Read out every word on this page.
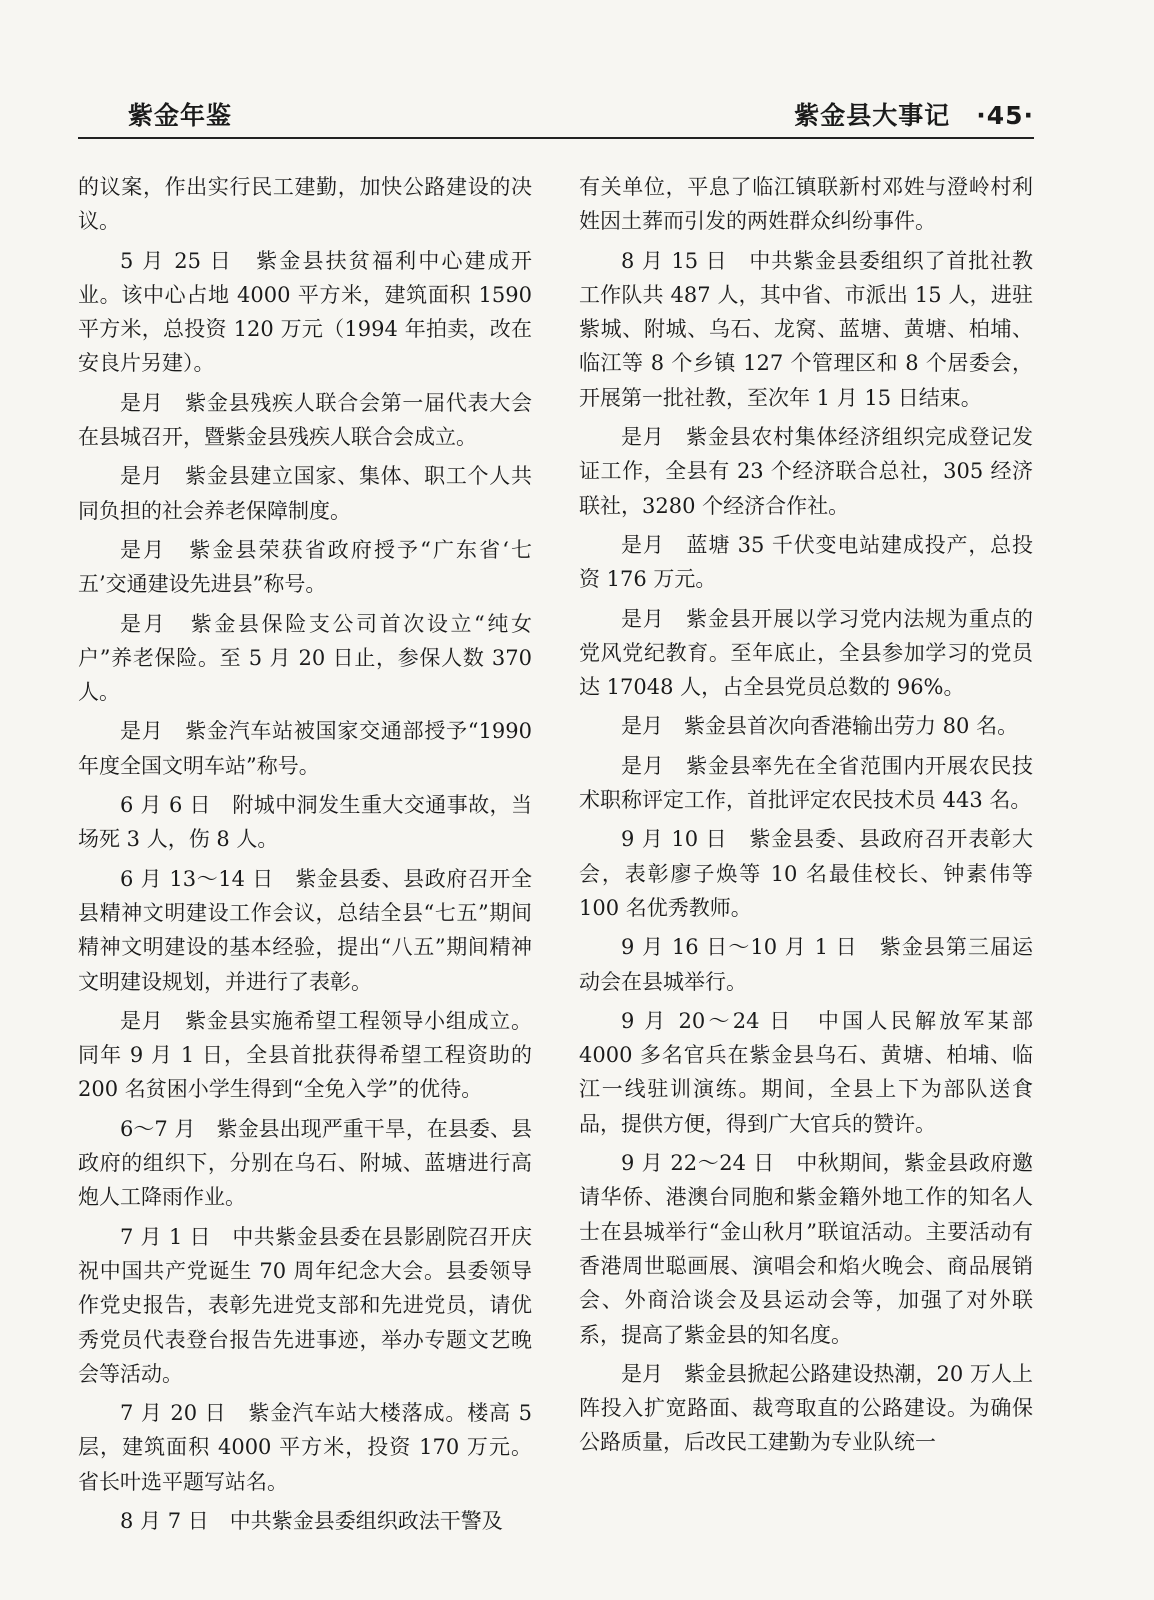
紫金年鉴	紫金县大事记 ·45·

的议案，作出实行民工建勤，加快公路建设的决议。

5 月 25 日　紫金县扶贫福利中心建成开业。该中心占地 4000 平方米，建筑面积 1590 平方米，总投资 120 万元（1994 年拍卖，改在安良片另建）。

是月　紫金县残疾人联合会第一届代表大会在县城召开，暨紫金县残疾人联合会成立。

是月　紫金县建立国家、集体、职工个人共同负担的社会养老保障制度。

是月　紫金县荣获省政府授予“广东省‘七五’交通建设先进县”称号。

是月　紫金县保险支公司首次设立“纯女户”养老保险。至 5 月 20 日止，参保人数 370 人。

是月　紫金汽车站被国家交通部授予“1990 年度全国文明车站”称号。

6 月 6 日　附城中洞发生重大交通事故，当场死 3 人，伤 8 人。

6 月 13～14 日　紫金县委、县政府召开全县精神文明建设工作会议，总结全县“七五”期间精神文明建设的基本经验，提出“八五”期间精神文明建设规划，并进行了表彰。

是月　紫金县实施希望工程领导小组成立。同年 9 月 1 日，全县首批获得希望工程资助的 200 名贫困小学生得到“全免入学”的优待。

6～7 月　紫金县出现严重干旱，在县委、县政府的组织下，分别在乌石、附城、蓝塘进行高炮人工降雨作业。

7 月 1 日　中共紫金县委在县影剧院召开庆祝中国共产党诞生 70 周年纪念大会。县委领导作党史报告，表彰先进党支部和先进党员，请优秀党员代表登台报告先进事迹，举办专题文艺晚会等活动。

7 月 20 日　紫金汽车站大楼落成。楼高 5 层，建筑面积 4000 平方米，投资 170 万元。省长叶选平题写站名。

8 月 7 日　中共紫金县委组织政法干警及

有关单位，平息了临江镇联新村邓姓与澄岭村利姓因土葬而引发的两姓群众纠纷事件。

8 月 15 日　中共紫金县委组织了首批社教工作队共 487 人，其中省、市派出 15 人，进驻紫城、附城、乌石、龙窝、蓝塘、黄塘、柏埔、临江等 8 个乡镇 127 个管理区和 8 个居委会，开展第一批社教，至次年 1 月 15 日结束。

是月　紫金县农村集体经济组织完成登记发证工作，全县有 23 个经济联合总社，305 经济联社，3280 个经济合作社。

是月　蓝塘 35 千伏变电站建成投产，总投资 176 万元。

是月　紫金县开展以学习党内法规为重点的党风党纪教育。至年底止，全县参加学习的党员达 17048 人，占全县党员总数的 96%。

是月　紫金县首次向香港输出劳力 80 名。

是月　紫金县率先在全省范围内开展农民技术职称评定工作，首批评定农民技术员 443 名。

9 月 10 日　紫金县委、县政府召开表彰大会，表彰廖子焕等 10 名最佳校长、钟素伟等 100 名优秀教师。

9 月 16 日～10 月 1 日　紫金县第三届运动会在县城举行。

9 月 20～24 日　中国人民解放军某部 4000 多名官兵在紫金县乌石、黄塘、柏埔、临江一线驻训演练。期间，全县上下为部队送食品，提供方便，得到广大官兵的赞许。

9 月 22～24 日　中秋期间，紫金县政府邀请华侨、港澳台同胞和紫金籍外地工作的知名人士在县城举行“金山秋月”联谊活动。主要活动有香港周世聪画展、演唱会和焰火晚会、商品展销会、外商洽谈会及县运动会等，加强了对外联系，提高了紫金县的知名度。

是月　紫金县掀起公路建设热潮，20 万人上阵投入扩宽路面、裁弯取直的公路建设。为确保公路质量，后改民工建勤为专业队统一
